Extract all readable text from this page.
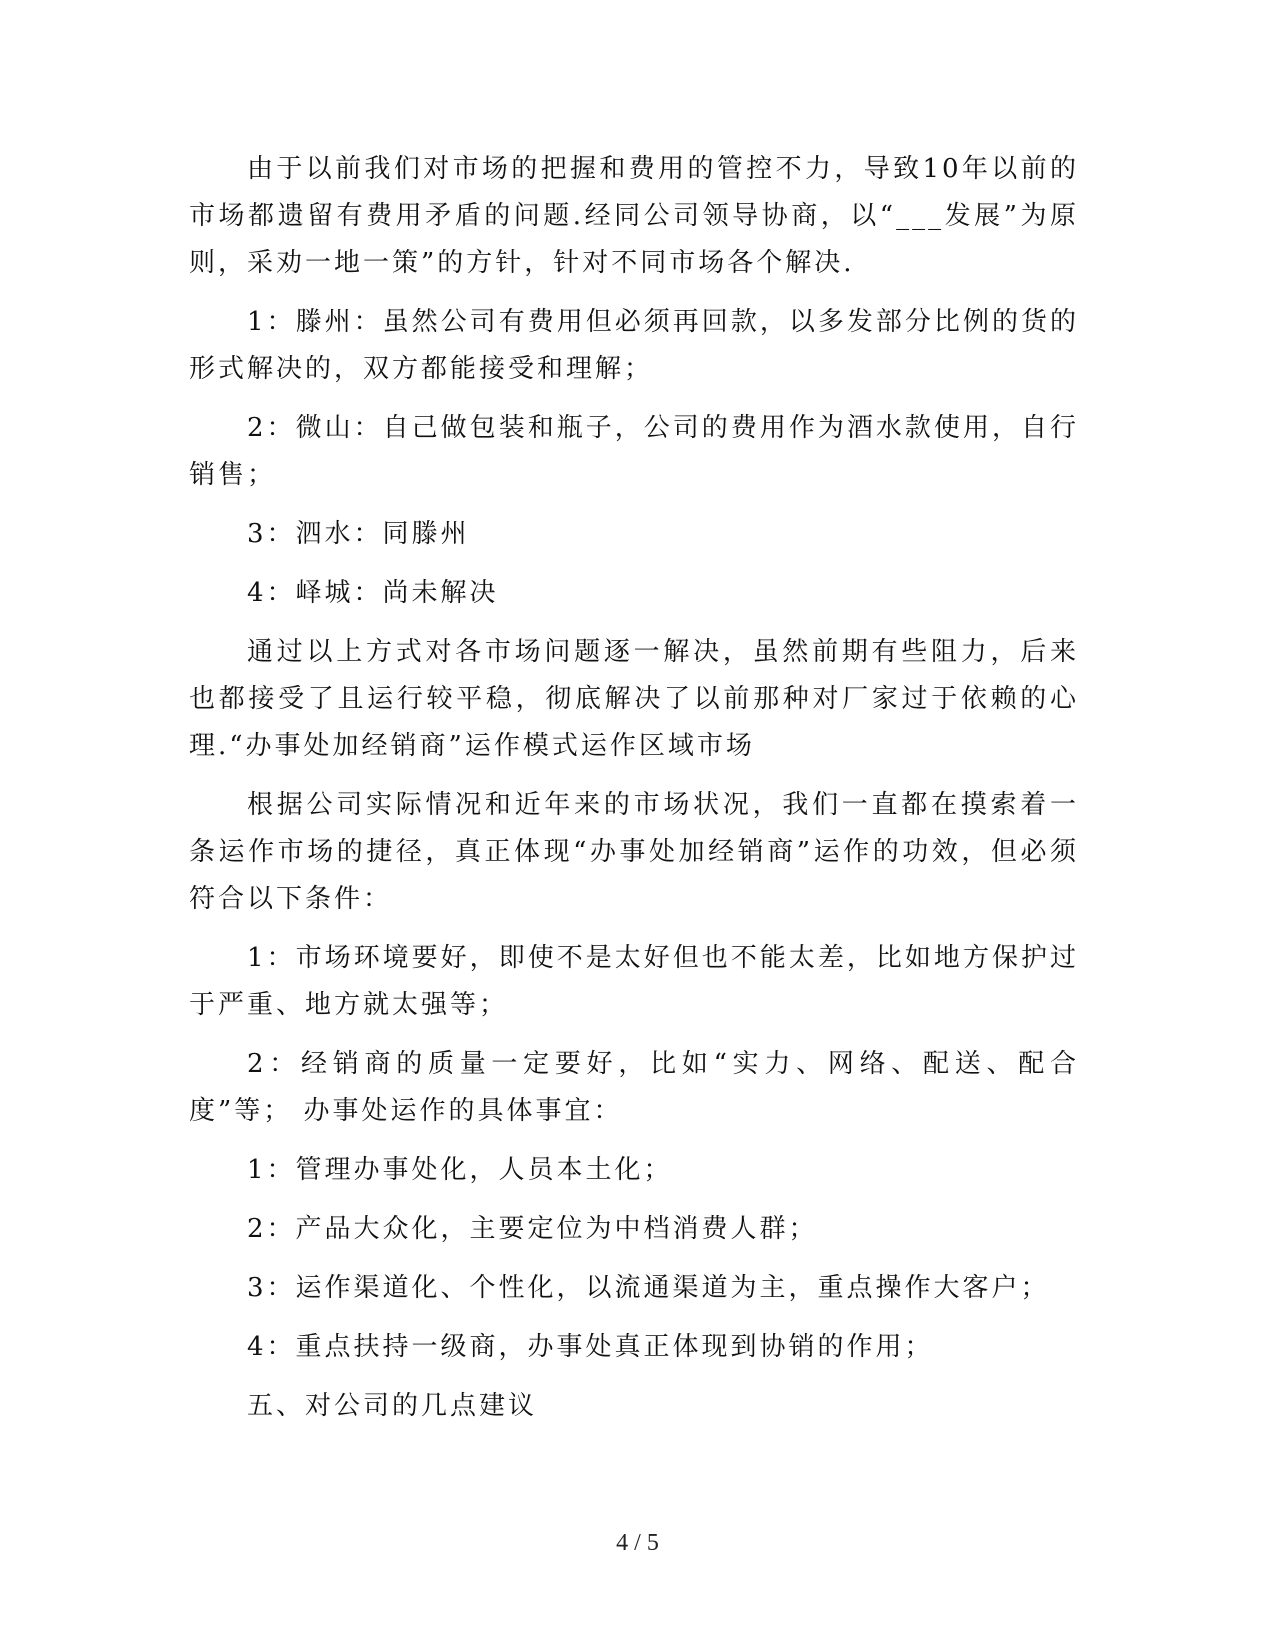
由于以前我们对市场的把握和费用的管控不力，导致10年以前的市场都遗留有费用矛盾的问题.经同公司领导协商，以“___发展”为原则，采劝一地一策”的方针，针对不同市场各个解决.

1：滕州：虽然公司有费用但必须再回款，以多发部分比例的货的形式解决的，双方都能接受和理解；

2：微山：自己做包装和瓶子，公司的费用作为酒水款使用，自行销售；

3：泗水：同滕州

4：峄城：尚未解决

通过以上方式对各市场问题逐一解决，虽然前期有些阻力，后来也都接受了且运行较平稳，彻底解决了以前那种对厂家过于依赖的心理.“办事处加经销商”运作模式运作区域市场

根据公司实际情况和近年来的市场状况，我们一直都在摸索着一条运作市场的捷径，真正体现“办事处加经销商”运作的功效，但必须符合以下条件：

1：市场环境要好，即使不是太好但也不能太差，比如地方保护过于严重、地方就太强等；

2：经销商的质量一定要好，比如“实力、网络、配送、配合度”等； 办事处运作的具体事宜：

1：管理办事处化，人员本土化；

2：产品大众化，主要定位为中档消费人群；

3：运作渠道化、个性化，以流通渠道为主，重点操作大客户；

4：重点扶持一级商，办事处真正体现到协销的作用；

五、对公司的几点建议

4 / 5
